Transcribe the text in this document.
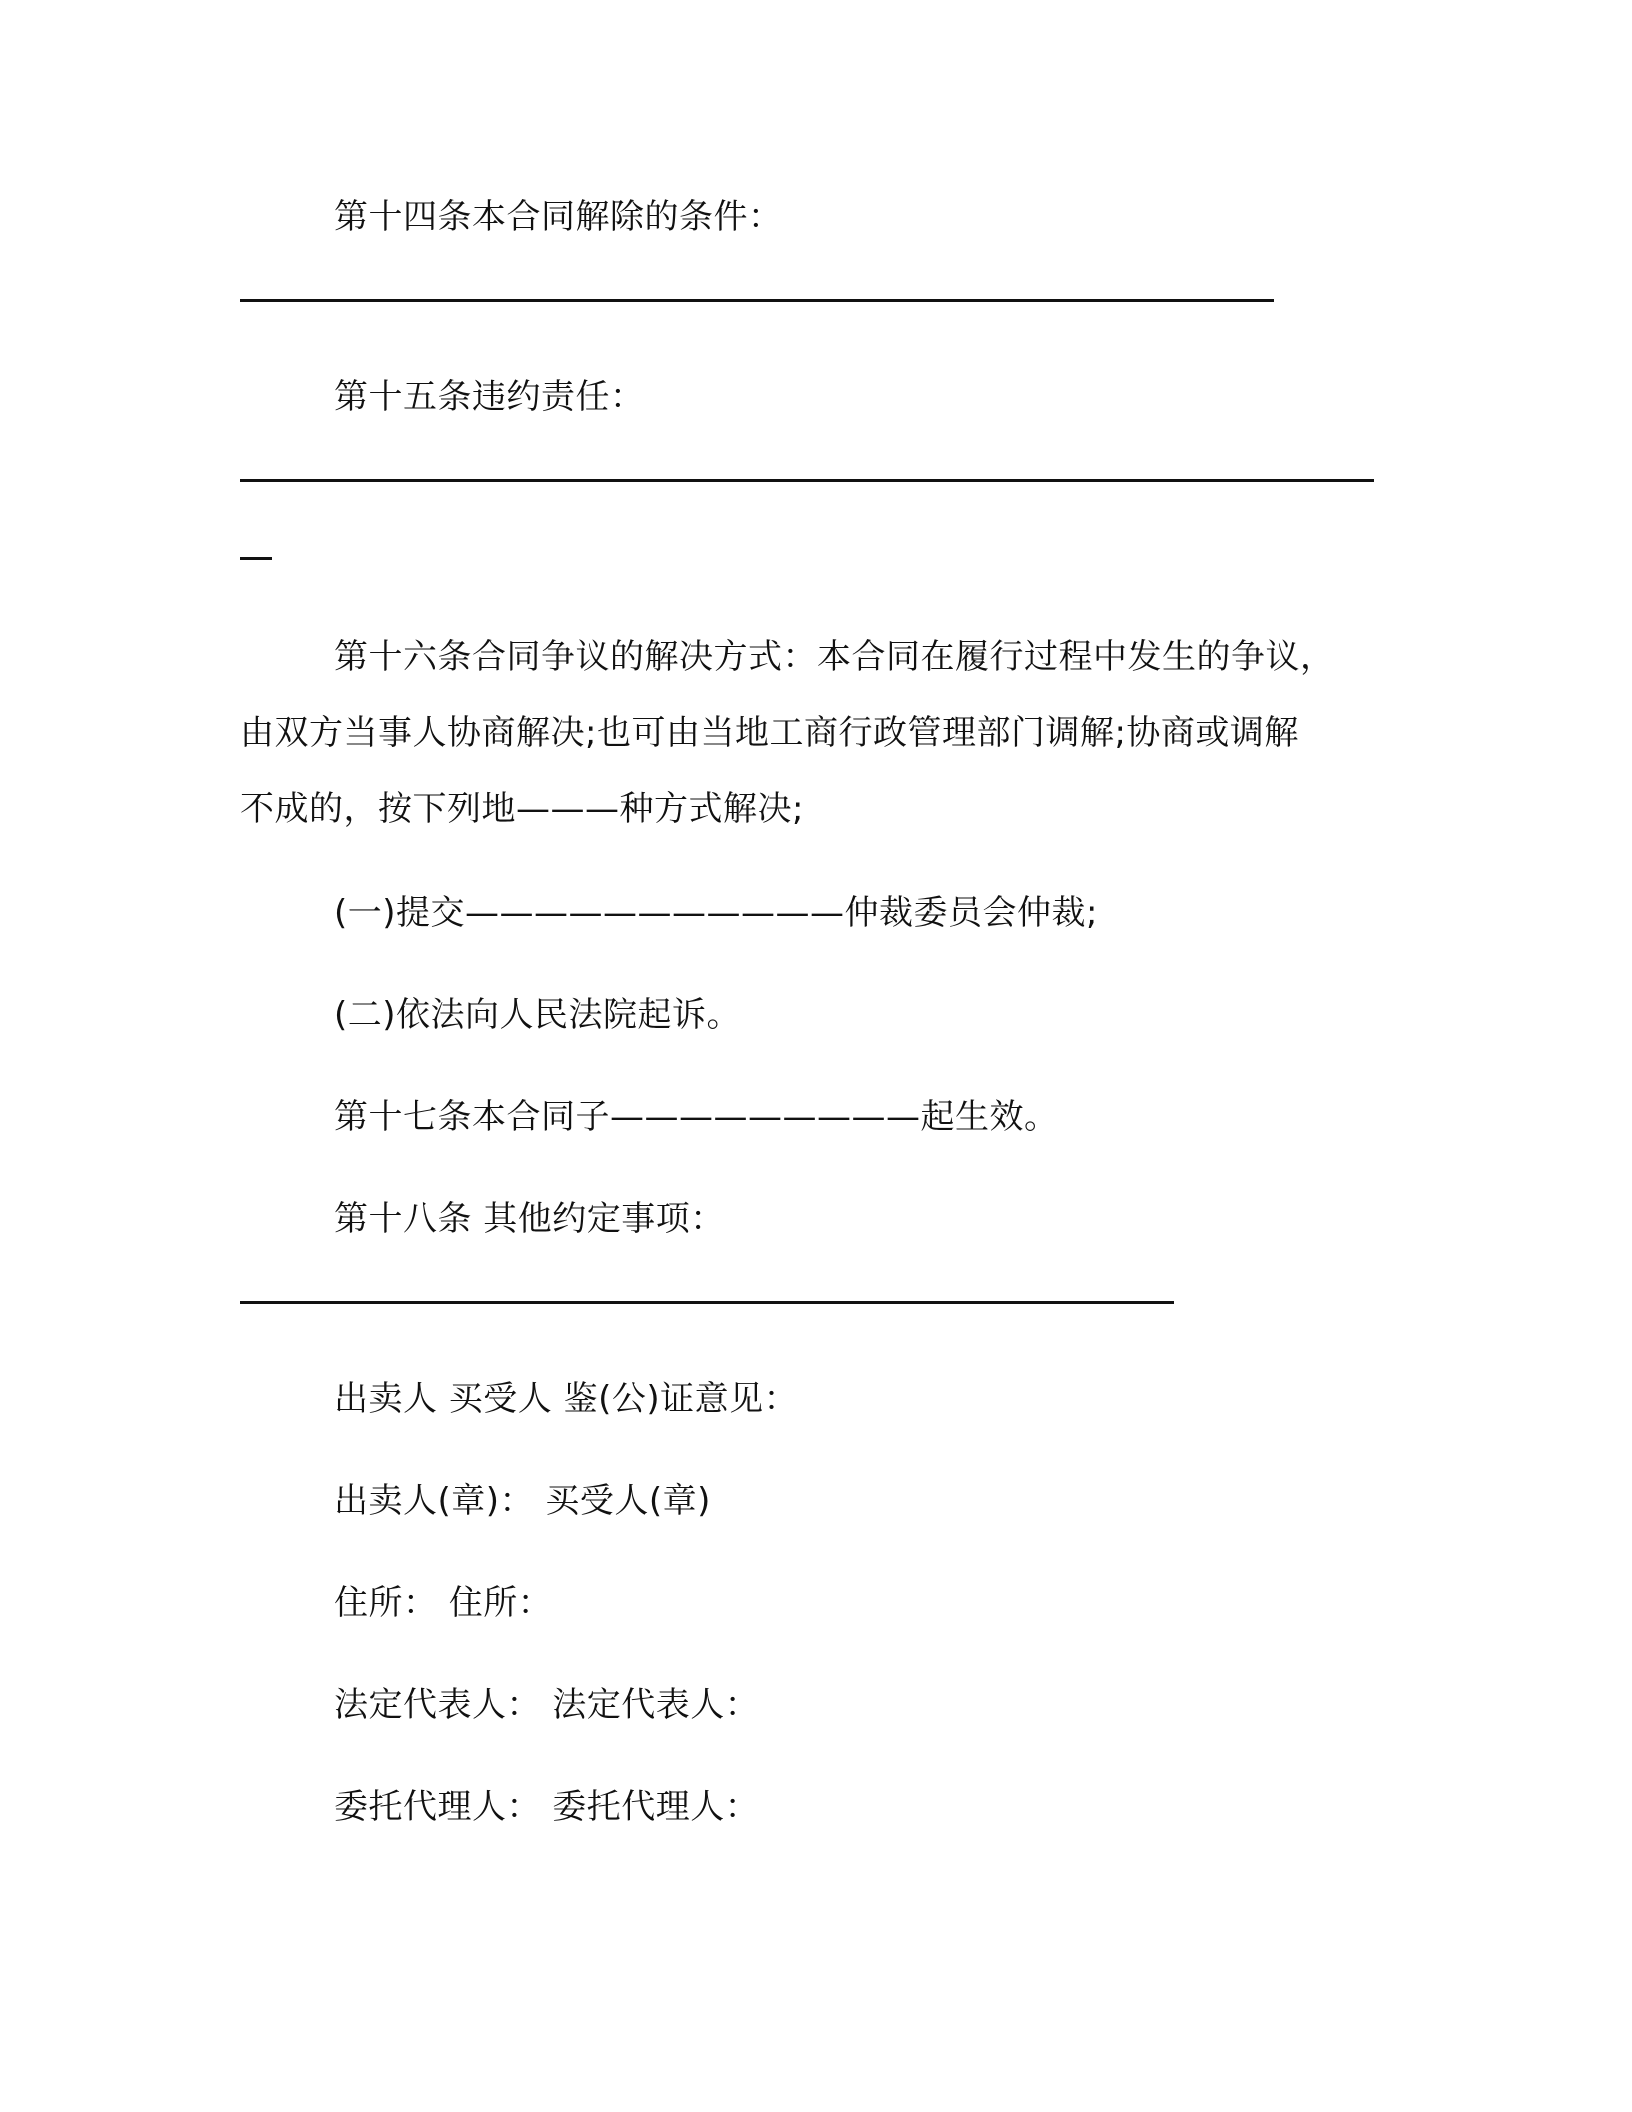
第十四条本合同解除的条件：
第十五条违约责任：
第十六条合同争议的解决方式：本合同在履行过程中发生的争议，
由双方当事人协商解决;也可由当地工商行政管理部门调解;协商或调解
不成的，按下列地———种方式解决;
(一)提交———————————仲裁委员会仲裁;
(二)依法向人民法院起诉。
第十七条本合同子—————————起生效。
第十八条 其他约定事项：
出卖人 买受人 鉴(公)证意见：
出卖人(章)： 买受人(章)
住所： 住所：
法定代表人： 法定代表人：
委托代理人： 委托代理人：
